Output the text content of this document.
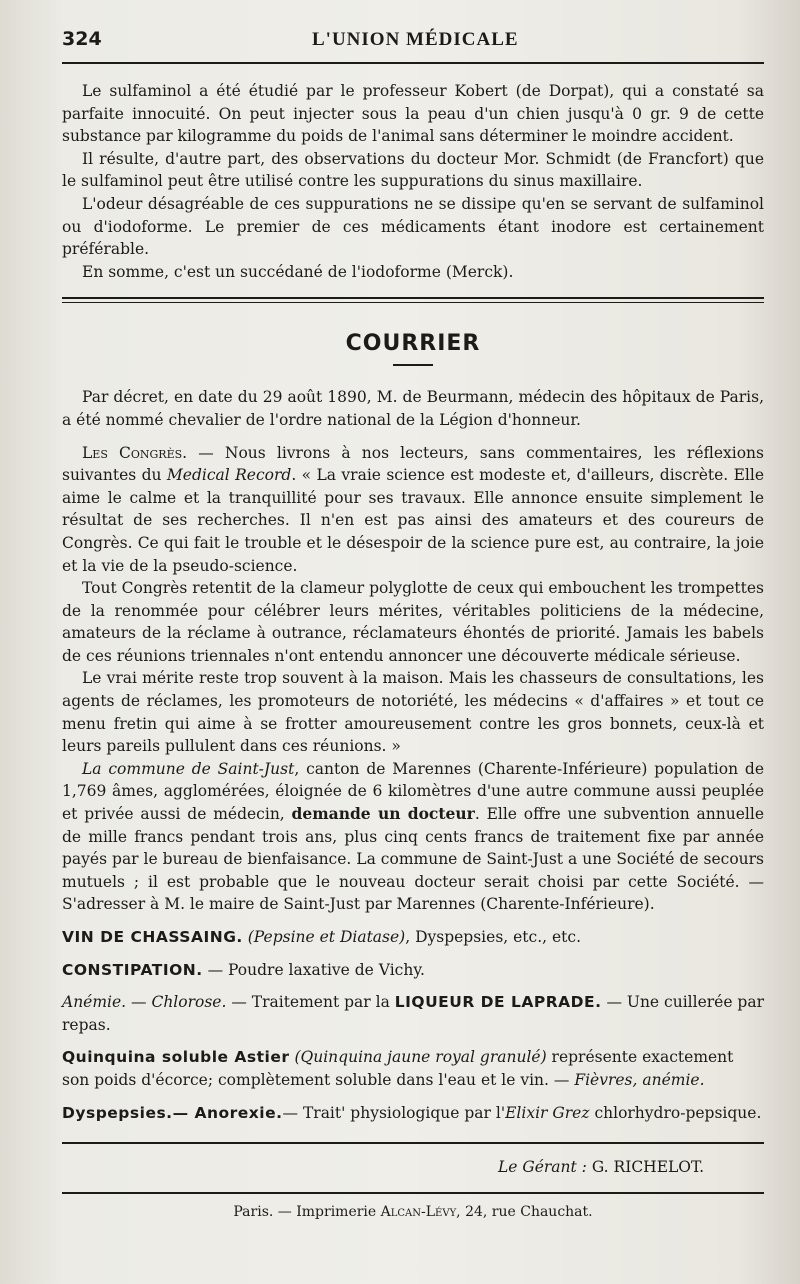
324	L'UNION MÉDICALE

Le sulfaminol a été étudié par le professeur Kobert (de Dorpat), qui a constaté sa parfaite innocuité. On peut injecter sous la peau d'un chien jusqu'à 0 gr. 9 de cette substance par kilogramme du poids de l'animal sans déterminer le moindre accident.

Il résulte, d'autre part, des observations du docteur Mor. Schmidt (de Francfort) que le sulfaminol peut être utilisé contre les suppurations du sinus maxillaire.

L'odeur désagréable de ces suppurations ne se dissipe qu'en se servant de sulfaminol ou d'iodoforme. Le premier de ces médicaments étant inodore est certainement préférable.

En somme, c'est un succédané de l'iodoforme (Merck).

COURRIER

Par décret, en date du 29 août 1890, M. de Beurmann, médecin des hôpitaux de Paris, a été nommé chevalier de l'ordre national de la Légion d'honneur.

Les Congrès. — Nous livrons à nos lecteurs, sans commentaires, les réflexions suivantes du Medical Record. « La vraie science est modeste et, d'ailleurs, discrète. Elle aime le calme et la tranquillité pour ses travaux. Elle annonce ensuite simplement le résultat de ses recherches. Il n'en est pas ainsi des amateurs et des coureurs de Congrès. Ce qui fait le trouble et le désespoir de la science pure est, au contraire, la joie et la vie de la pseudo-science.

Tout Congrès retentit de la clameur polyglotte de ceux qui embouchent les trompettes de la renommée pour célébrer leurs mérites, véritables politiciens de la médecine, amateurs de la réclame à outrance, réclamateurs éhontés de priorité. Jamais les babels de ces réunions triennales n'ont entendu annoncer une découverte médicale sérieuse.

Le vrai mérite reste trop souvent à la maison. Mais les chasseurs de consultations, les agents de réclames, les promoteurs de notoriété, les médecins « d'affaires » et tout ce menu fretin qui aime à se frotter amoureusement contre les gros bonnets, ceux-là et leurs pareils pullulent dans ces réunions. »

La commune de Saint-Just, canton de Marennes (Charente-Inférieure) population de 1,769 âmes, agglomérées, éloignée de 6 kilomètres d'une autre commune aussi peuplée et privée aussi de médecin, demande un docteur. Elle offre une subvention annuelle de mille francs pendant trois ans, plus cinq cents francs de traitement fixe par année payés par le bureau de bienfaisance. La commune de Saint-Just a une Société de secours mutuels ; il est probable que le nouveau docteur serait choisi par cette Société. — S'adresser à M. le maire de Saint-Just par Marennes (Charente-Inférieure).

VIN DE CHASSAING. (Pepsine et Diatase), Dyspepsies, etc., etc.
CONSTIPATION. — Poudre laxative de Vichy.
Anémie. — Chlorose. — Traitement par la LIQUEUR DE LAPRADE. — Une cuillerée par repas.
Quinquina soluble Astier (Quinquina jaune royal granulé) représente exactement son poids d'écorce; complètement soluble dans l'eau et le vin. — Fièvres, anémie.
Dyspepsies.— Anorexie.— Trait' physiologique par l'Elixir Grez chlorhydro-pepsique.
Le Gérant : G. RICHELOT.
Paris. — Imprimerie Alcan-Lévy, 24, rue Chauchat.
